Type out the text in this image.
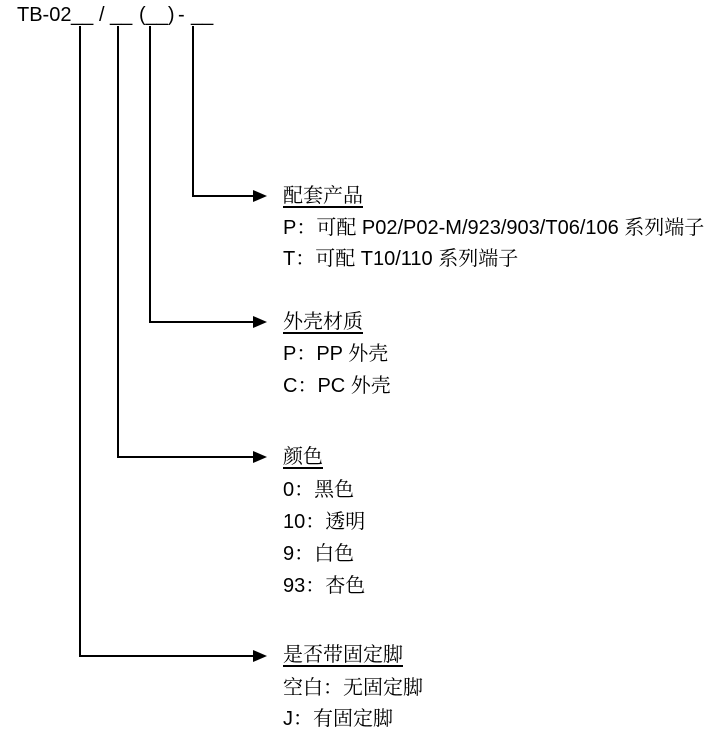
TB-02 __ / __ (__) - __
配套产品
P：可配 P02/P02-M/923/903/T06/106 系列端子
T：可配 T10/110 系列端子
外壳材质
P：PP 外壳
C：PC 外壳
颜色
0：黑色
10：透明
9：白色
93：杏色
是否带固定脚
空白：无固定脚
J：有固定脚
